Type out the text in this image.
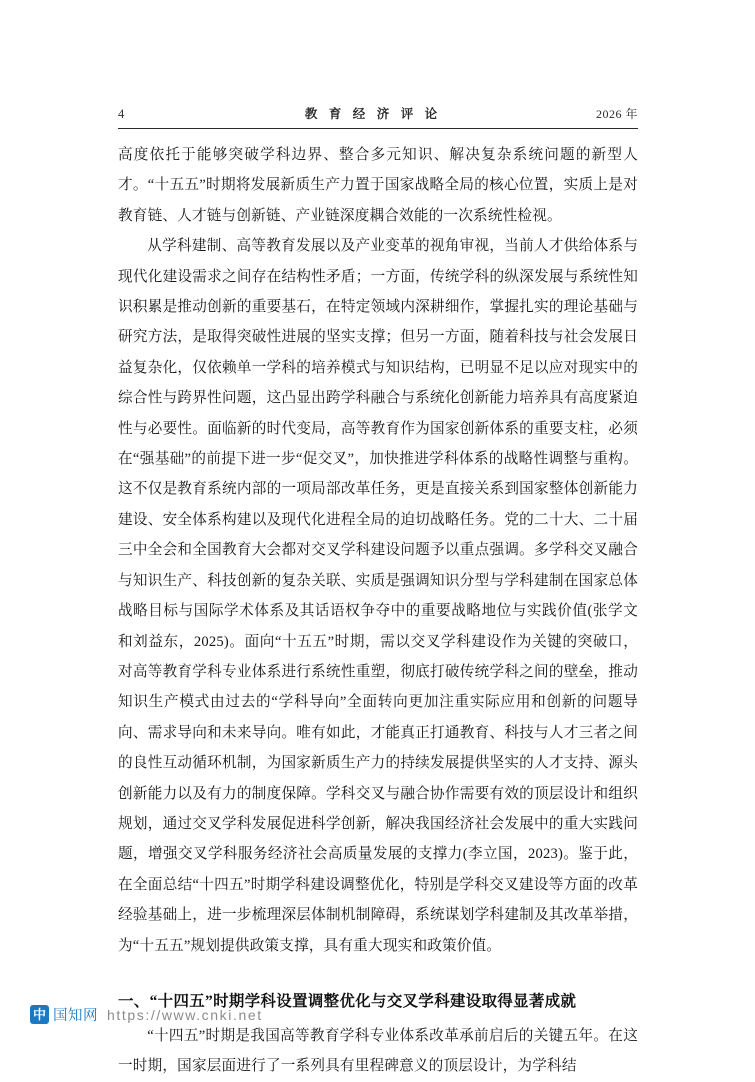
4	教 育 经 济 评 论	2026 年

高度依托于能够突破学科边界、整合多元知识、解决复杂系统问题的新型人才。“十五五”时期将发展新质生产力置于国家战略全局的核心位置，实质上是对教育链、人才链与创新链、产业链深度耦合效能的一次系统性检视。

从学科建制、高等教育发展以及产业变革的视角审视，当前人才供给体系与现代化建设需求之间存在结构性矛盾；一方面，传统学科的纵深发展与系统性知识积累是推动创新的重要基石，在特定领域内深耕细作，掌握扎实的理论基础与研究方法，是取得突破性进展的坚实支撑；但另一方面，随着科技与社会发展日益复杂化，仅依赖单一学科的培养模式与知识结构，已明显不足以应对现实中的综合性与跨界性问题，这凸显出跨学科融合与系统化创新能力培养具有高度紧迫性与必要性。面临新的时代变局，高等教育作为国家创新体系的重要支柱，必须在“强基础”的前提下进一步“促交叉”，加快推进学科体系的战略性调整与重构。这不仅是教育系统内部的一项局部改革任务，更是直接关系到国家整体创新能力建设、安全体系构建以及现代化进程全局的迫切战略任务。党的二十大、二十届三中全会和全国教育大会都对交叉学科建设问题予以重点强调。多学科交叉融合与知识生产、科技创新的复杂关联、实质是强调知识分型与学科建制在国家总体战略目标与国际学术体系及其话语权争夺中的重要战略地位与实践价值(张学文和刘益东，2025)。面向“十五五”时期，需以交叉学科建设作为关键的突破口，对高等教育学科专业体系进行系统性重塑，彻底打破传统学科之间的壁垒，推动知识生产模式由过去的“学科导向”全面转向更加注重实际应用和创新的问题导向、需求导向和未来导向。唯有如此，才能真正打通教育、科技与人才三者之间的良性互动循环机制，为国家新质生产力的持续发展提供坚实的人才支持、源头创新能力以及有力的制度保障。学科交叉与融合协作需要有效的顶层设计和组织规划，通过交叉学科发展促进科学创新，解决我国经济社会发展中的重大实践问题，增强交叉学科服务经济社会高质量发展的支撑力(李立国，2023)。鉴于此，在全面总结“十四五”时期学科建设调整优化，特别是学科交叉建设等方面的改革经验基础上，进一步梳理深层体制机制障碍，系统谋划学科建制及其改革举措，为“十五五”规划提供政策支撑，具有重大现实和政策价值。

一、“十四五”时期学科设置调整优化与交叉学科建设取得显著成就

“十四五”时期是我国高等教育学科专业体系改革承前启后的关键五年。在这一时期，国家层面进行了一系列具有里程碑意义的顶层设计，为学科结

中 国知网 https://www.cnki.net
